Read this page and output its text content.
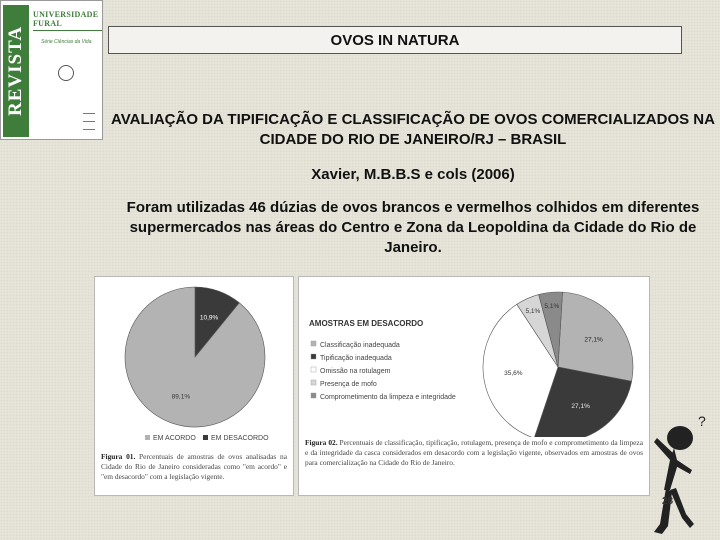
REVISTA
UNIVERSIDADE FURAL
Série Ciências da Vida	OVOS IN NATURA
AVALIAÇÃO DA TIPIFICAÇÃO E CLASSIFICAÇÃO DE OVOS COMERCIALIZADOS NA CIDADE DO RIO DE JANEIRO/RJ – BRASIL
Xavier, M.B.B.S e cols (2006)
Foram utilizadas 46 dúzias de ovos brancos e vermelhos colhidos em diferentes supermercados nas áreas do Centro e Zona da Leopoldina da Cidade do Rio de Janeiro.
10,9%
89,1%
EM ACORDO EM DESACORDO
Figura 01. Percentuais de amostras de ovos analisadas na Cidade do Rio de Janeiro consideradas como "em acordo" e "em desacordo" com a legislação vigente.
AMOSTRAS EM DESACORDO
Classificação inadequada
Tipificação inadequada
Omissão na rotulagem
Presença de mofo
Comprometimento da limpeza e integridade
27,1%
27,1%
35,6%
5,1%
5,1%
Figura 02. Percentuais de classificação, tipificação, rotulagem, presença de mofo e comprometimento da limpeza e da integridade da casca considerados em desacordo com a legislação vigente, observados em amostras de ovos para comercialização na Cidade do Rio de Janeiro.
?
28
